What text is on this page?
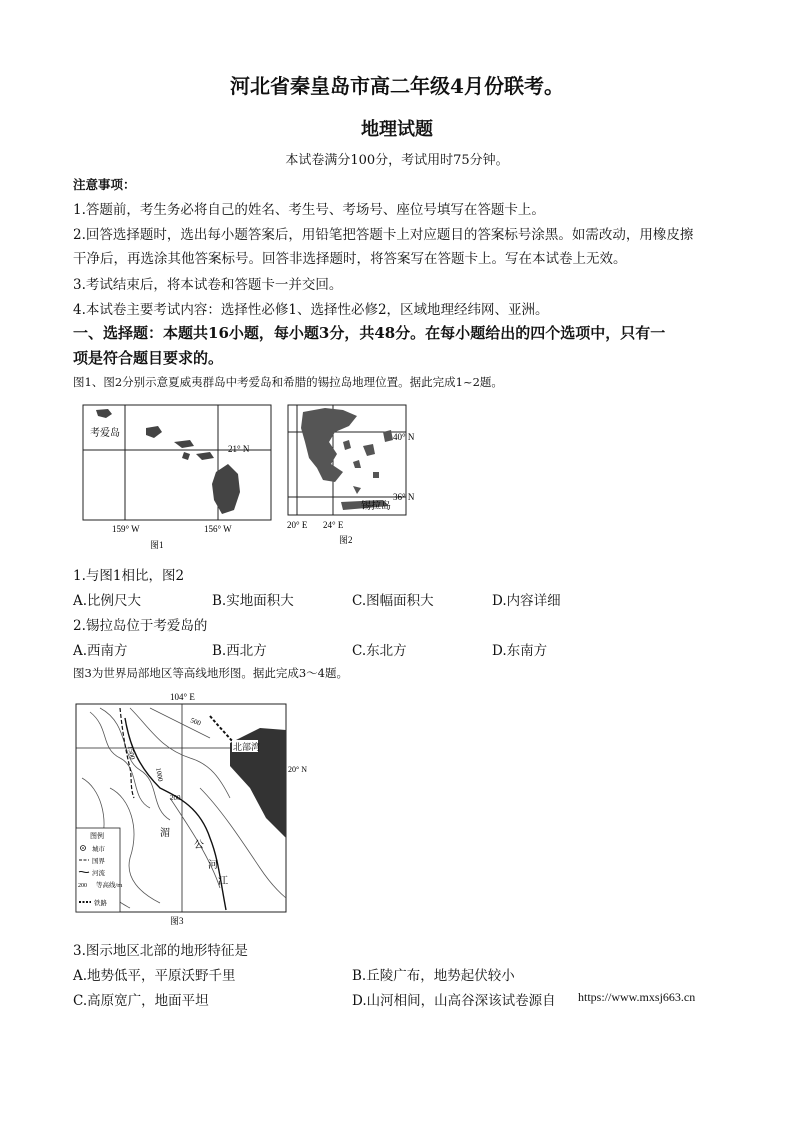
河北省秦皇岛市高二年级4月份联考。
地理试题
本试卷满分100分，考试用时75分钟。
注意事项：
1.答题前，考生务必将自己的姓名、考生号、考场号、座位号填写在答题卡上。
2.回答选择题时，选出每小题答案后，用铅笔把答题卡上对应题目的答案标号涂黑。如需改动，用橡皮擦
干净后，再选涂其他答案标号。回答非选择题时，将答案写在答题卡上。写在本试卷上无效。
3.考试结束后，将本试卷和答题卡一并交回。
4.本试卷主要考试内容：选择性必修1、选择性必修2，区域地理经纬网、亚洲。
一、选择题：本题共16小题，每小题3分，共48分。在每小题给出的四个选项中，只有一
项是符合题目要求的。
图1、图2分别示意夏威夷群岛中考爱岛和希腊的锡拉岛地理位置。据此完成1~2题。
考爱岛
21° N
159° W	156° W
图1
40° N
36° N
锡拉岛
20° E 24° E
图2
1.与图1相比，图2
A.比例尺大	B.实地面积大	C.图幅面积大	D.内容详细
2.锡拉岛位于考爱岛的
A.西南方	B.西北方	C.东北方	D.东南方
图3为世界局部地区等高线地形图。据此完成3～4题。
104° E
北部湾
20° N
500
1000
1500
200
湄
公
河
江
图例
城市
国界
河流
200 等高线/m
铁路
图3
3.图示地区北部的地形特征是
A.地势低平，平原沃野千里	B.丘陵广布，地势起伏较小
C.高原宽广，地面平坦	D.山河相间，山高谷深该试卷源自 https://www.mxsj663.cn
